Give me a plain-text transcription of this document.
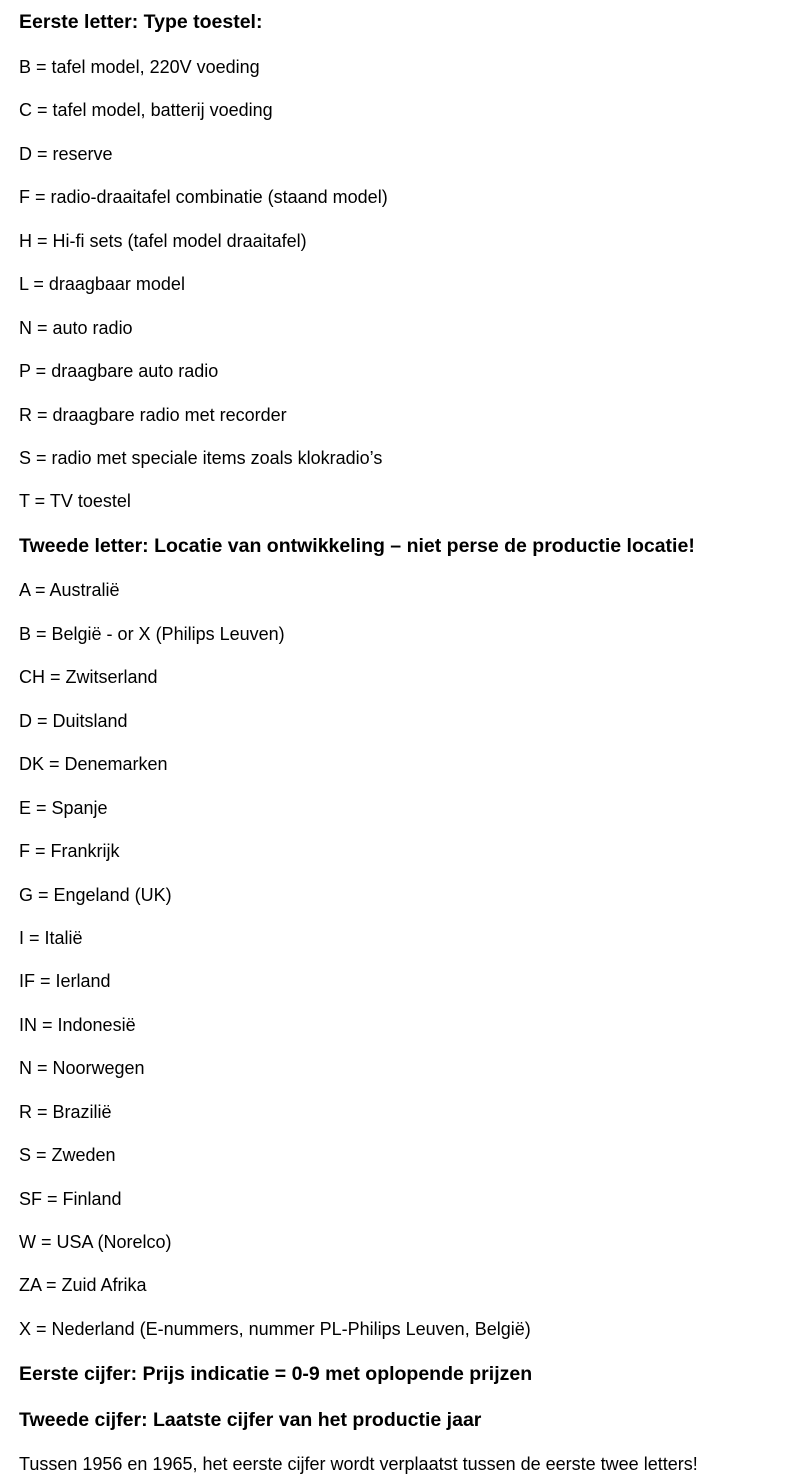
Eerste letter: Type toestel:
B = tafel model, 220V voeding
C = tafel model, batterij voeding
D = reserve
F = radio-draaitafel combinatie (staand model)
H = Hi-fi sets (tafel model draaitafel)
L = draagbaar model
N = auto radio
P = draagbare auto radio
R = draagbare radio met recorder
S = radio met speciale items zoals klokradio’s
T = TV toestel
Tweede letter: Locatie van ontwikkeling – niet perse de productie locatie!
A = Australië
B = België - or X (Philips Leuven)
CH = Zwitserland
D = Duitsland
DK = Denemarken
E = Spanje
F = Frankrijk
G = Engeland (UK)
I = Italië
IF = Ierland
IN = Indonesië
N = Noorwegen
R = Brazilië
S = Zweden
SF = Finland
W = USA (Norelco)
ZA = Zuid Afrika
X = Nederland (E-nummers, nummer PL-Philips Leuven, België)
Eerste cijfer: Prijs indicatie = 0-9 met oplopende prijzen
Tweede cijfer: Laatste cijfer van het productie jaar
Tussen 1956 en 1965, het eerste cijfer wordt verplaatst tussen de eerste twee letters!
